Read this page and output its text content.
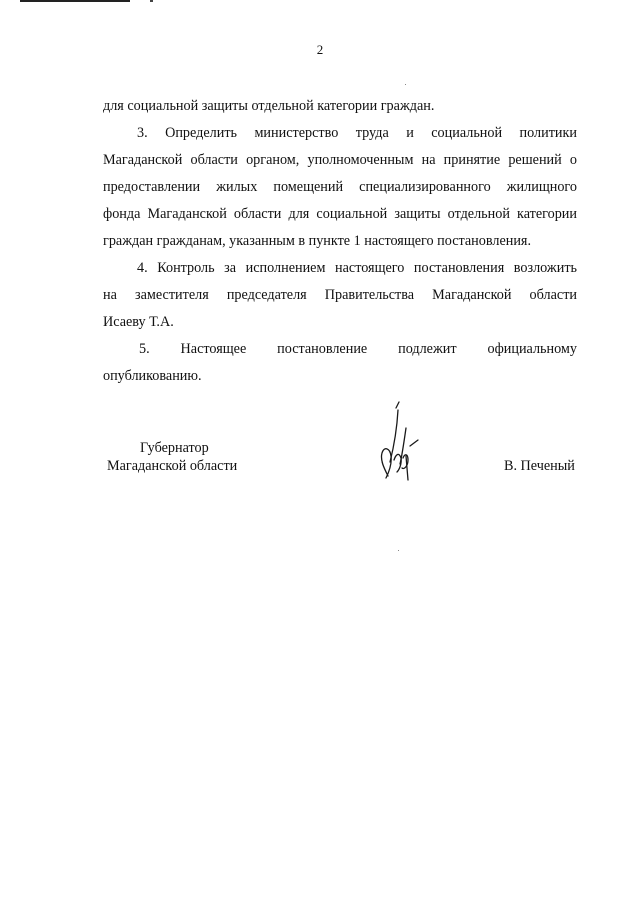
2
для социальной защиты отдельной категории граждан.
3. Определить министерство труда и социальной политики
Магаданской области органом, уполномоченным на принятие решений о
предоставлении жилых помещений специализированного жилищного
фонда Магаданской области для социальной защиты отдельной категории
граждан гражданам, указанным в пункте 1 настоящего постановления.
4. Контроль за исполнением настоящего постановления возложить
на заместителя председателя Правительства Магаданской области
Исаеву Т.А.
5. Настоящее постановление подлежит официальному
опубликованию.
Губернатор
Магаданской области	В. Печеный
